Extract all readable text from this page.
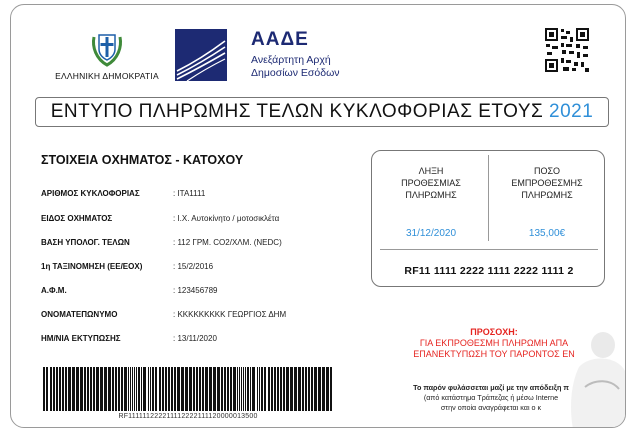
ΕΛΛΗΝΙΚΗ ΔΗΜΟΚΡΑΤΙΑ
ΑΑΔΕ
Ανεξάρτητη Αρχή
Δημοσίων Εσόδων
ΕΝΤΥΠΟ ΠΛΗΡΩΜΗΣ ΤΕΛΩΝ ΚΥΚΛΟΦΟΡΙΑΣ ΕΤΟΥΣ 2021
ΣΤΟΙΧΕΙΑ ΟΧΗΜΑΤΟΣ - ΚΑΤΟΧΟΥ
ΑΡΙΘΜΟΣ ΚΥΚΛΟΦΟΡΙΑΣ	: ΙΤΑ1111
ΕΙΔΟΣ ΟΧΗΜΑΤΟΣ	: Ι.Χ. Αυτοκίνητο / μοτοσικλέτα
ΒΑΣΗ ΥΠΟΛΟΓ. ΤΕΛΩΝ	: 112 ΓΡΜ. CO2/ΧΛΜ. (NEDC)
1η ΤΑΞΙΝΟΜΗΣΗ (ΕΕ/ΕΟΧ)	: 15/2/2016
Α.Φ.Μ.	: 123456789
ΟΝΟΜΑΤΕΠΩΝΥΜΟ	: ΚΚΚΚΚΚΚΚΚ ΓΕΩΡΓΙΟΣ ΔΗΜ
ΗΜ/ΝΙΑ ΕΚΤΥΠΩΣΗΣ	: 13/11/2020
ΛΗΞΗ
ΠΡΟΘΕΣΜΙΑΣ
ΠΛΗΡΩΜΗΣ
ΠΟΣΟ
ΕΜΠΡΟΘΕΣΜΗΣ
ΠΛΗΡΩΜΗΣ
31/12/2020	135,00€
RF11 1111 2222 1111 2222 1111 2
ΠΡΟΣΟΧΗ:
ΓΙΑ ΕΚΠΡΟΘΕΣΜΗ ΠΛΗΡΩΜΗ ΑΠΑ
ΕΠΑΝΕΚΤΥΠΩΣΗ ΤΟΥ ΠΑΡΟΝΤΟΣ ΕΝ
Το παρόν φυλάσσεται μαζί με την απόδειξη π
(από κατάστημα Τράπεζας ή μέσω Interne
στην οποία αναγράφεται και ο κ
RF111111222211112222111120000013500
